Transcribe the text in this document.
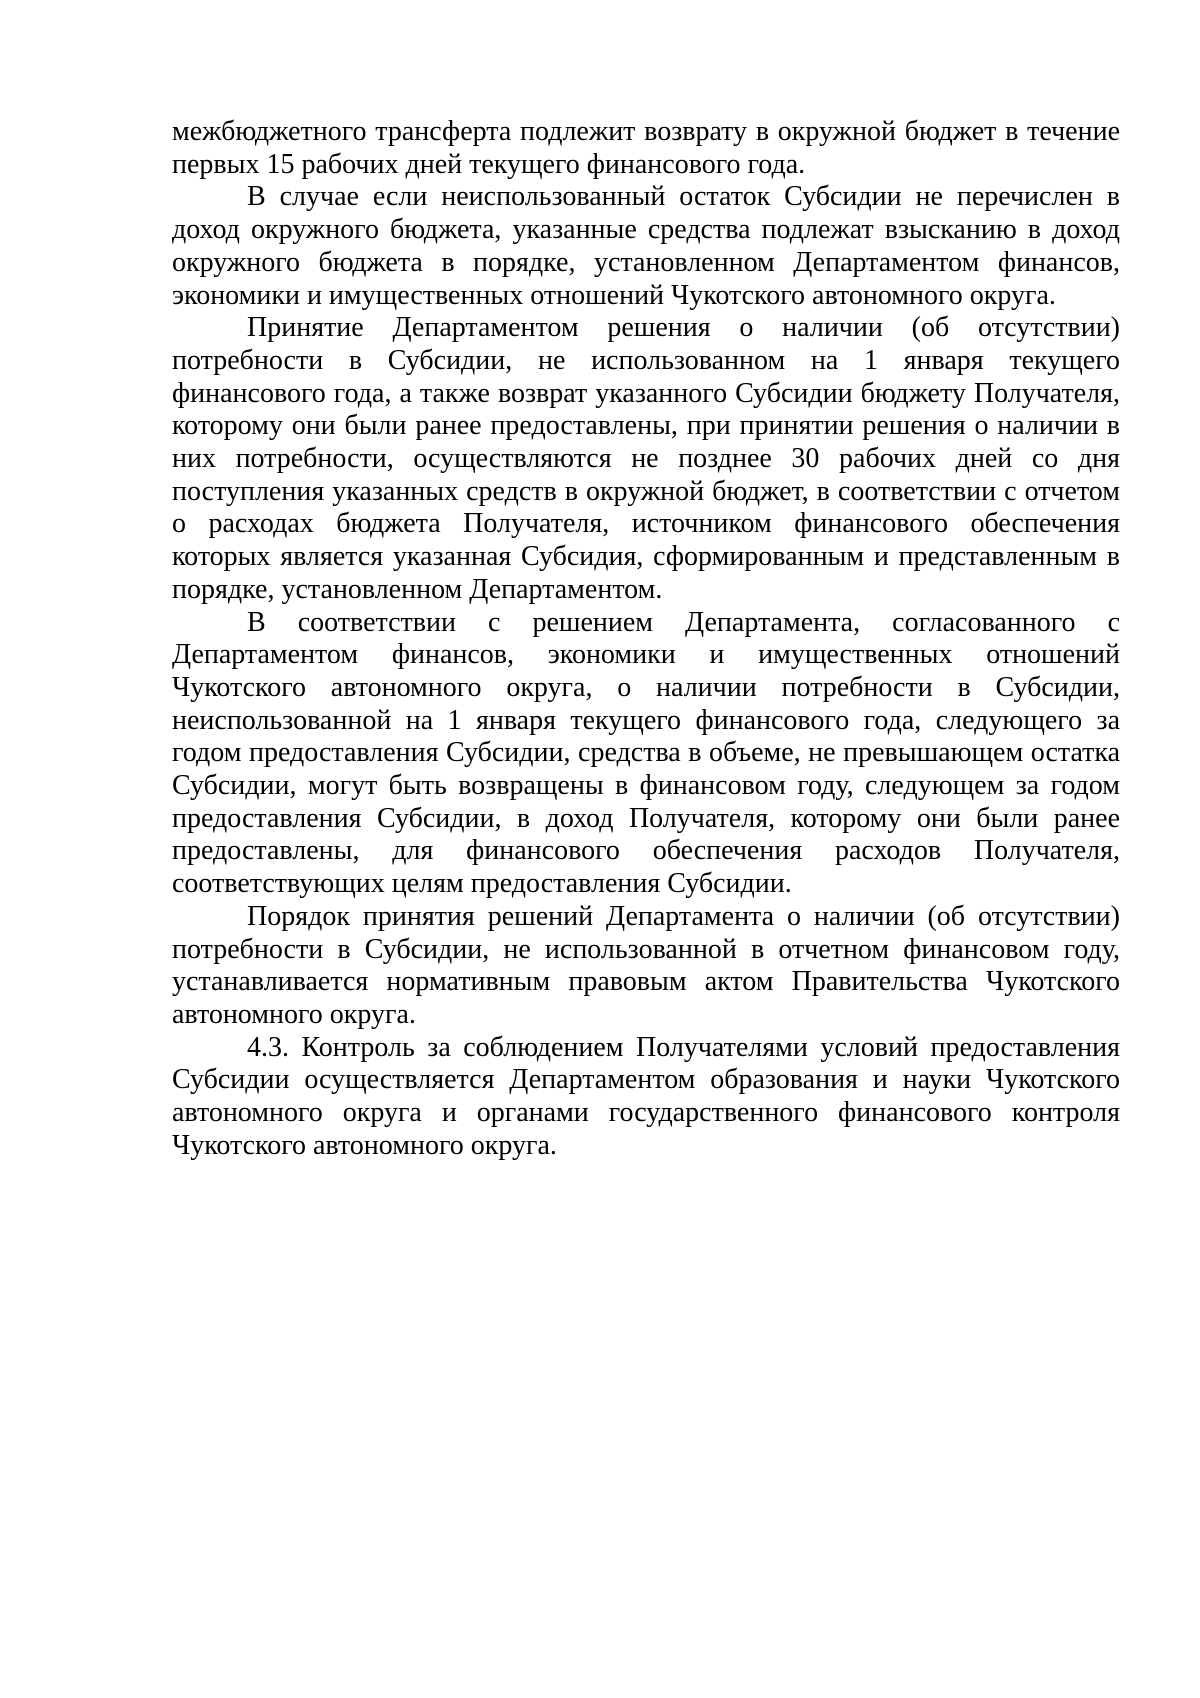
межбюджетного трансферта подлежит возврату в окружной бюджет в течение первых 15 рабочих дней текущего финансового года.

В случае если неиспользованный остаток Субсидии не перечислен в доход окружного бюджета, указанные средства подлежат взысканию в доход окружного бюджета в порядке, установленном Департаментом финансов, экономики и имущественных отношений Чукотского автономного округа.

Принятие Департаментом решения о наличии (об отсутствии) потребности в Субсидии, не использованном на 1 января текущего финансового года, а также возврат указанного Субсидии бюджету Получателя, которому они были ранее предоставлены, при принятии решения о наличии в них потребности, осуществляются не позднее 30 рабочих дней со дня поступления указанных средств в окружной бюджет, в соответствии с отчетом о расходах бюджета Получателя, источником финансового обеспечения которых является указанная Субсидия, сформированным и представленным в порядке, установленном Департаментом.

В соответствии с решением Департамента, согласованного с Департаментом финансов, экономики и имущественных отношений Чукотского автономного округа, о наличии потребности в Субсидии, неиспользованной на 1 января текущего финансового года, следующего за годом предоставления Субсидии, средства в объеме, не превышающем остатка Субсидии, могут быть возвращены в финансовом году, следующем за годом предоставления Субсидии, в доход Получателя, которому они были ранее предоставлены, для финансового обеспечения расходов Получателя, соответствующих целям предоставления Субсидии.

Порядок принятия решений Департамента о наличии (об отсутствии) потребности в Субсидии, не использованной в отчетном финансовом году, устанавливается нормативным правовым актом Правительства Чукотского автономного округа.

4.3. Контроль за соблюдением Получателями условий предоставления Субсидии осуществляется Департаментом образования и науки Чукотского автономного округа и органами государственного финансового контроля Чукотского автономного округа.
